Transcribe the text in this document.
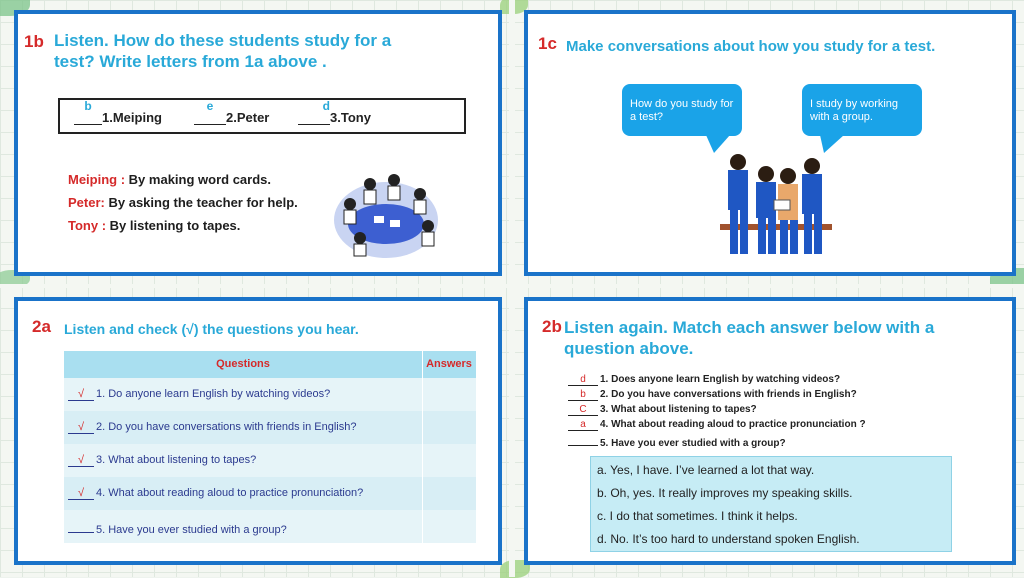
1b Listen. How do these students study for a test? Write letters from 1a above .
b
1.Meiping
e
2.Peter
d
3.Tony
Meiping : By making word cards.
Peter: By asking the teacher for help.
Tony : By listening to tapes.
1c Make conversations about how you study for a test.
How do you study for a test?
I study by working with a group.
2a Listen and check (√) the questions you hear.
Questions	Answers
√ 1. Do anyone learn English by watching videos?
√ 2. Do you have conversations with friends in English?
√ 3. What about listening to tapes?
√ 4. What about reading aloud to practice pronunciation?
5. Have you ever studied with a group?
2b Listen again. Match each answer below with a question above.
d 1. Does anyone learn English by watching videos?
b 2. Do you have conversations with friends in English?
C 3. What about listening to tapes?
a 4. What about reading aloud to practice pronunciation ?
5. Have you ever studied with a group?
a. Yes, I have. I’ve learned a lot that way.
b. Oh, yes. It really improves my speaking skills.
c. I do that sometimes. I think it helps.
d. No. It’s too hard to understand spoken English.
